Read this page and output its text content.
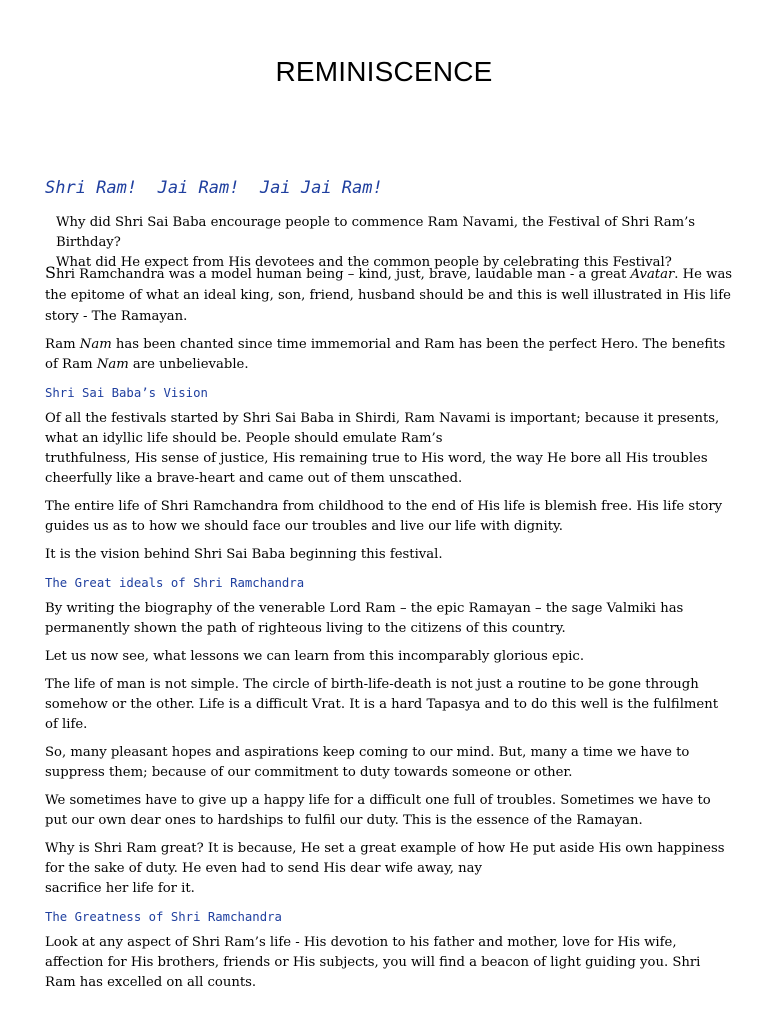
REMINISCENCE
Shri Ram!  Jai Ram!  Jai Jai Ram!
Why did Shri Sai Baba encourage people to commence Ram Navami, the Festival of Shri Ram’s Birthday?
What did He expect from His devotees and the common people by celebrating this Festival?

Shri Ramchandra was a model human being – kind, just, brave, laudable man - a great Avatar. He was the epitome of what an ideal king, son, friend, husband should be and this is well illustrated in His life story - The Ramayan.

Ram Nam has been chanted since time immemorial and Ram has been the perfect Hero. The benefits of Ram Nam are unbelievable.

Shri Sai Baba’s Vision

Of all the festivals started by Shri Sai Baba in Shirdi, Ram Navami is important; because it presents, what an idyllic life should be. People should emulate Ram’s
truthfulness, His sense of justice, His remaining true to His word, the way He bore all His troubles cheerfully like a brave-heart and came out of them unscathed.

The entire life of Shri Ramchandra from childhood to the end of His life is blemish free. His life story guides us as to how we should face our troubles and live our life with dignity.

It is the vision behind Shri Sai Baba beginning this festival.

The Great ideals of Shri Ramchandra

By writing the biography of the venerable Lord Ram – the epic Ramayan – the sage Valmiki has permanently shown the path of righteous living to the citizens of this country.

Let us now see, what lessons we can learn from this incomparably glorious epic.

The life of man is not simple. The circle of birth-life-death is not just a routine to be gone through somehow or the other. Life is a difficult Vrat. It is a hard Tapasya and to do this well is the fulfilment of life.

So, many pleasant hopes and aspirations keep coming to our mind. But, many a time we have to suppress them; because of our commitment to duty towards someone or other.

We sometimes have to give up a happy life for a difficult one full of troubles. Sometimes we have to put our own dear ones to hardships to fulfil our duty. This is the essence of the Ramayan.

Why is Shri Ram great? It is because, He set a great example of how He put aside His own happiness for the sake of duty. He even had to send His dear wife away, nay
sacrifice her life for it.

The Greatness of Shri Ramchandra

Look at any aspect of Shri Ram’s life - His devotion to his father and mother, love for His wife, affection for His brothers, friends or His subjects, you will find a beacon of light guiding you. Shri Ram has excelled on all counts.
